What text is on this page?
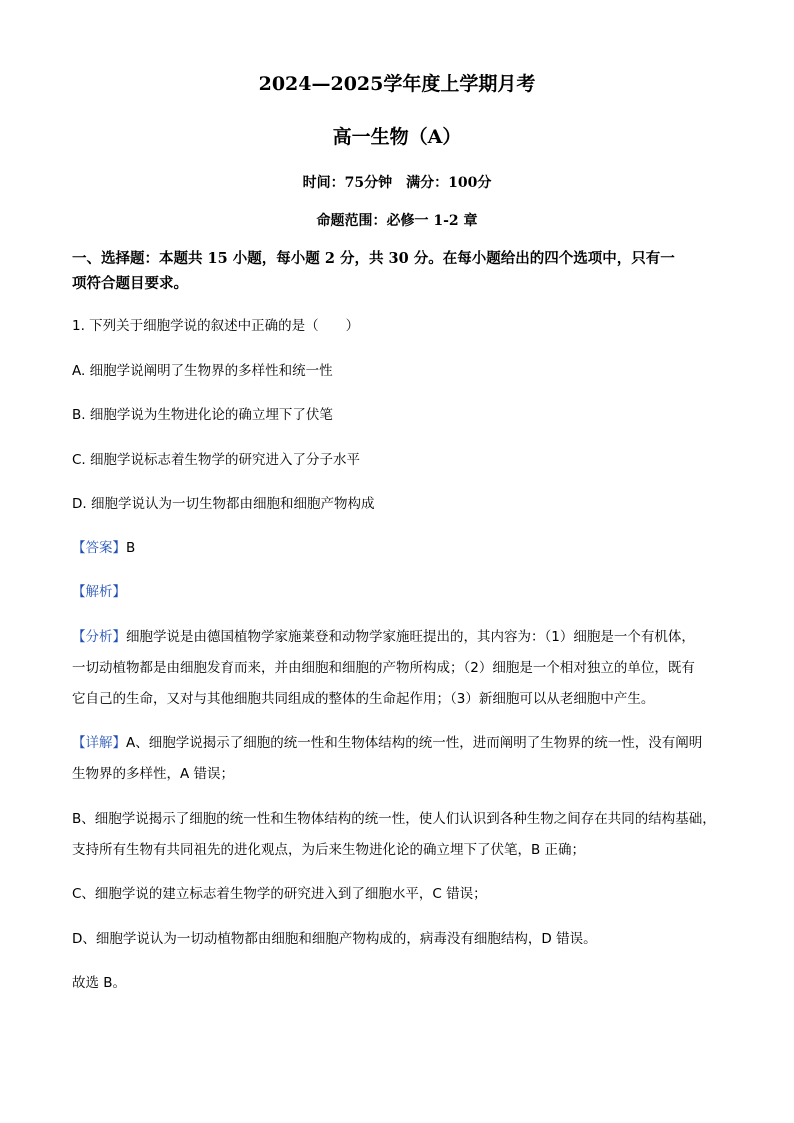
2024—2025学年度上学期月考
高一生物（A）
时间：75分钟　满分：100分
命题范围：必修一 1-2 章
一、选择题：本题共 15 小题，每小题 2 分，共 30 分。在每小题给出的四个选项中，只有一
项符合题目要求。
1. 下列关于细胞学说的叙述中正确的是（　　）
A. 细胞学说阐明了生物界的多样性和统一性
B. 细胞学说为生物进化论的确立埋下了伏笔
C. 细胞学说标志着生物学的研究进入了分子水平
D. 细胞学说认为一切生物都由细胞和细胞产物构成
【答案】B
【解析】
【分析】细胞学说是由德国植物学家施莱登和动物学家施旺提出的，其内容为：（1）细胞是一个有机体，
一切动植物都是由细胞发育而来，并由细胞和细胞的产物所构成；（2）细胞是一个相对独立的单位，既有
它自己的生命，又对与其他细胞共同组成的整体的生命起作用；（3）新细胞可以从老细胞中产生。
【详解】A、细胞学说揭示了细胞的统一性和生物体结构的统一性，进而阐明了生物界的统一性，没有阐明
生物界的多样性，A 错误；
B、细胞学说揭示了细胞的统一性和生物体结构的统一性，使人们认识到各种生物之间存在共同的结构基础，
支持所有生物有共同祖先的进化观点，为后来生物进化论的确立埋下了伏笔，B 正确；
C、细胞学说的建立标志着生物学的研究进入到了细胞水平，C 错误；
D、细胞学说认为一切动植物都由细胞和细胞产物构成的，病毒没有细胞结构，D 错误。
故选 B。
